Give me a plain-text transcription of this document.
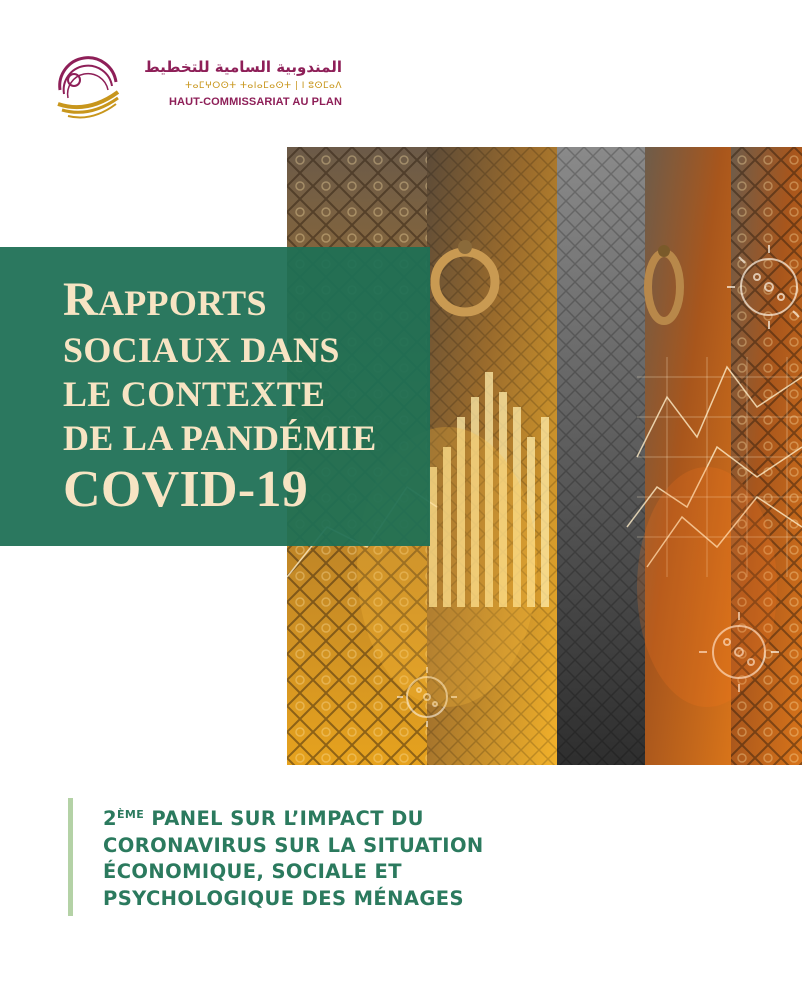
المندوبية السامية للتخطيط
ⵜⴰⵎⵖⵔⵙⵜ ⵜⴰⵏⴰⵎⴰⵙⵜ | ⵏ ⵓⵙⵎⴰⴷ
HAUT-COMMISSARIAT AU PLAN
RAPPORTS
SOCIAUX DANS
LE CONTEXTE
DE LA PANDÉMIE
COVID-19
2ÈME PANEL SUR L’IMPACT DU
CORONAVIRUS SUR LA SITUATION
ÉCONOMIQUE, SOCIALE ET
PSYCHOLOGIQUE DES MÉNAGES
